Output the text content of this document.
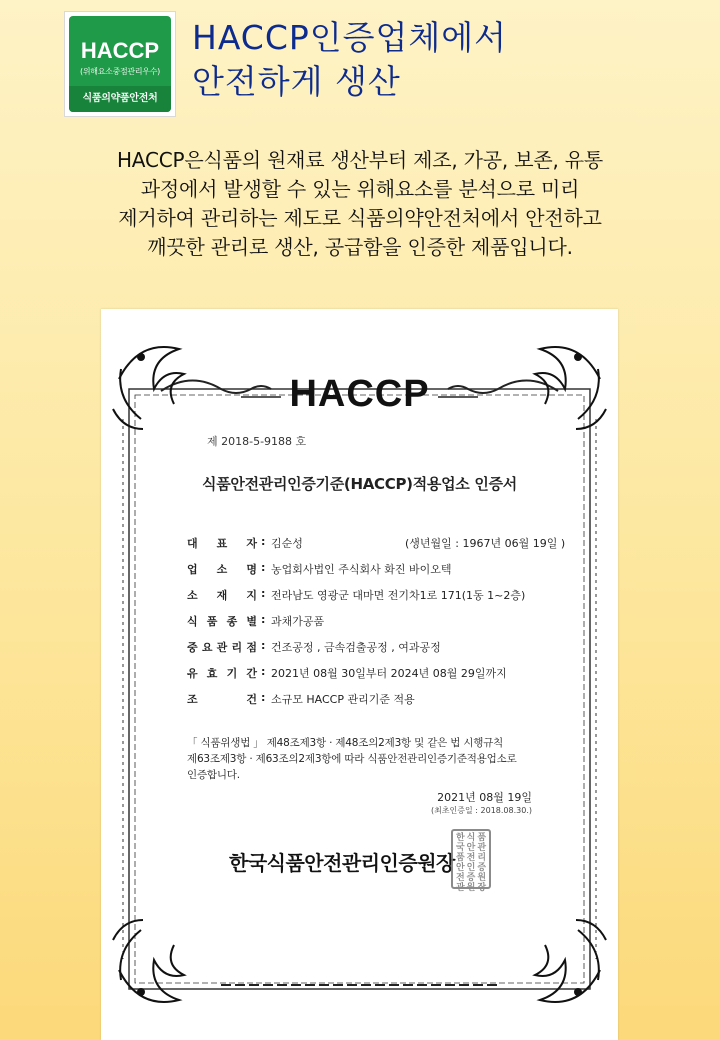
HACCP
(위해요소중점관리우수)
식품의약품안전처
HACCP인증업체에서
안전하게 생산
HACCP은식품의 원재료 생산부터 제조, 가공, 보존, 유통
과정에서 발생할 수 있는 위해요소를 분석으로 미리
제거하여 관리하는 제도로 식품의약안전처에서 안전하고
깨끗한 관리로 생산, 공급함을 인증한 제품입니다.
HACCP
제 2018-5-9188 호
식품안전관리인증기준(HACCP)적용업소 인증서
대 표 자 : 김순성	(생년월일 : 1967년 06월 19일 )
업 소 명 : 농업회사법인 주식회사 화진 바이오텍
소 재 지 : 전라남도 영광군 대마면 전기차1로 171(1동 1~2층)
식 품 종 별 : 과채가공품
중 요 관 리 점 : 건조공정 , 금속검출공정 , 여과공정
유 효 기 간 : 2021년 08월 30일부터 2024년 08월 29일까지
조	건 : 소규모 HACCP 관리기준 적용
「 식품위생법 」 제48조제3항 · 제48조의2제3항 및 같은 법 시행규칙
제63조제3항 · 제63조의2제3항에 따라 식품안전관리인증기준적용업소로
인증합니다.
2021년 08월 19일
(최초인증일 : 2018.08.30.)
한국식품안전관리인증원장
한 식 품
국 안 관
품 전 리
안 인 증
전 증 원
관 원 장
